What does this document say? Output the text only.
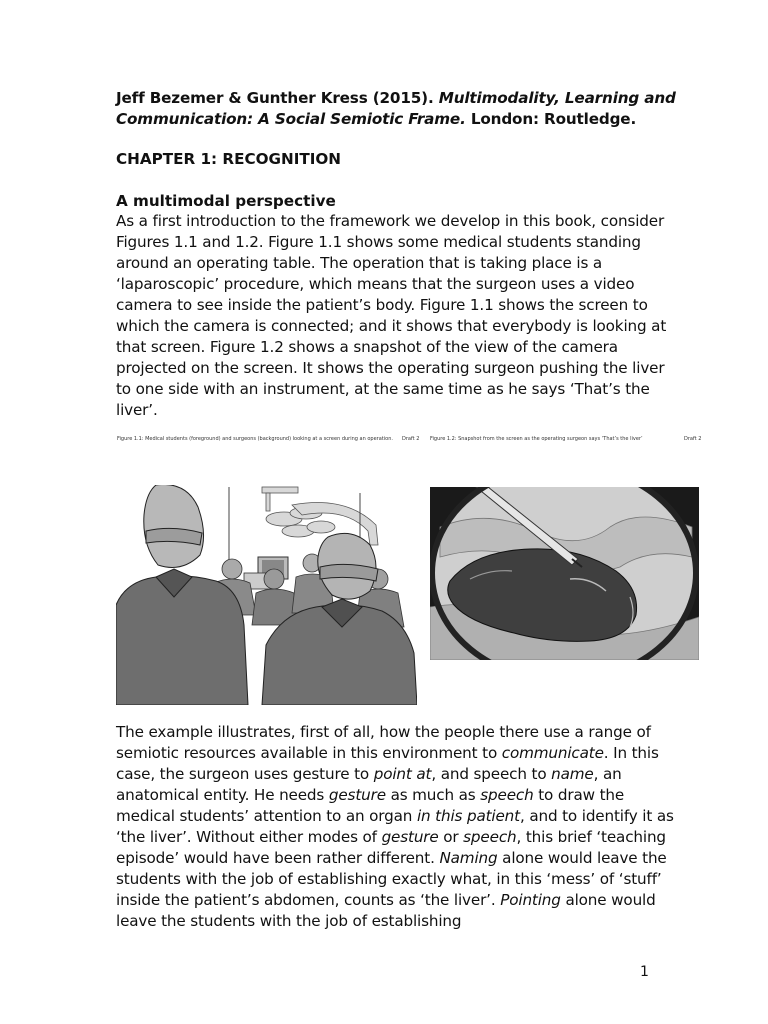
Jeff Bezemer & Gunther Kress (2015). Multimodality, Learning and Communication: A Social Semiotic Frame. London: Routledge.
CHAPTER 1: RECOGNITION
A multimodal perspective
As a first introduction to the framework we develop in this book, consider Figures 1.1 and 1.2. Figure 1.1 shows some medical students standing around an operating table. The operation that is taking place is a ‘laparoscopic’ procedure, which means that the surgeon uses a video camera to see inside the patient’s body. Figure 1.1 shows the screen to which the camera is connected; and it shows that everybody is looking at that screen. Figure 1.2 shows a snapshot of the view of the camera projected on the screen. It shows the operating surgeon pushing the liver to one side with an instrument, at the same time as he says ‘That’s the liver’.
Figure 1.1: Medical students (foreground) and surgeons (background) looking at a screen during an operation. Draft 2 Figure 1.2: Snapshot from the screen as the operating surgeon says ‘That’s the liver’	Draft 2
The example illustrates, first of all, how the people there use a range of semiotic resources available in this environment to communicate. In this case, the surgeon uses gesture to point at, and speech to name, an anatomical entity. He needs gesture as much as speech to draw the medical students’ attention to an organ in this patient, and to identify it as ‘the liver’. Without either modes of gesture or speech, this brief ‘teaching episode’ would have been rather different. Naming alone would leave the students with the job of establishing exactly what, in this ‘mess’ of ‘stuff’ inside the patient’s abdomen, counts as ‘the liver’. Pointing alone would leave the students with the job of establishing
1
